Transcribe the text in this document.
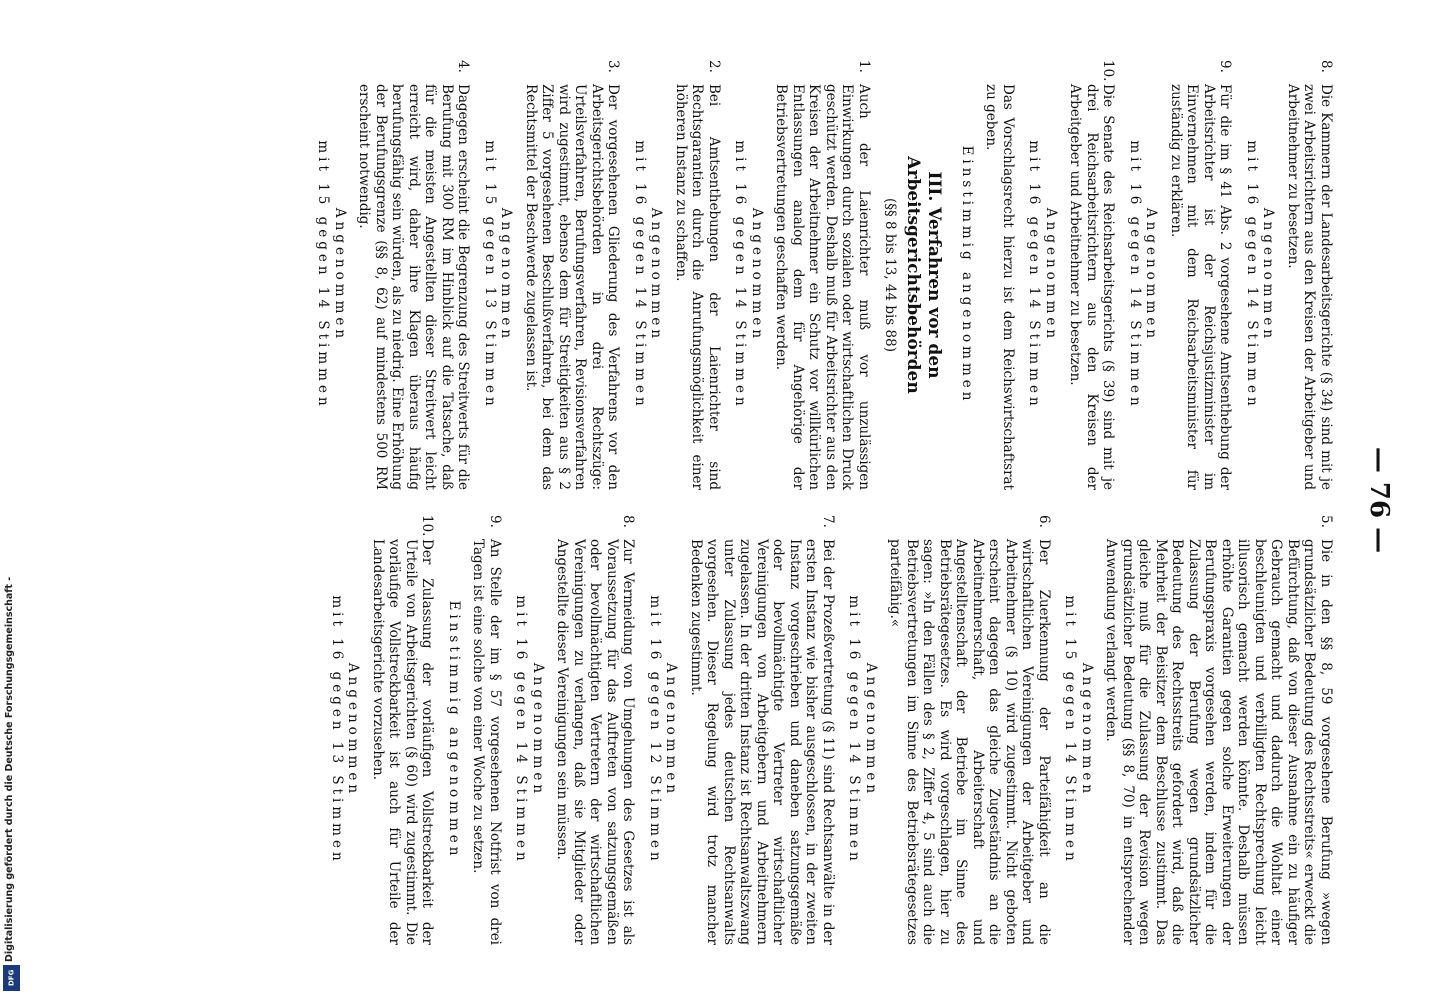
— 76 —
8.
Die Kammern der Landesarbeitsgerichte (§ 34) sind mit je zwei Arbeitsrichtern aus den Kreisen der Arbeitgeber und Arbeitnehmer zu besetzen.
Angenommen
mit 16 gegen 14 Stimmen
9.
Für die im § 41 Abs. 2 vorgesehene Amtsenthebung der Arbeitsrichter ist der Reichsjustizminister im Einvernehmen mit dem Reichsarbeitsminister für zuständig zu erklären.
Angenommen
mit 16 gegen 14 Stimmen
10.
Die Senate des Reichsarbeitsgerichts (§ 39) sind mit je drei Reichsarbeitsrichtern aus den Kreisen der Arbeitgeber und Arbeitnehmer zu besetzen.
Angenommen
mit 16 gegen 14 Stimmen
Das Vorschlagsrecht hierzu ist dem Reichswirtschaftsrat zu geben.
Einstimmig angenommen
III. Verfahren vor den Arbeitsgerichtsbehörden
(§§ 8 bis 13, 44 bis 88)
1.
Auch der Laienrichter muß vor unzulässigen Einwirkungen durch sozialen oder wirtschaftlichen Druck geschützt werden. Deshalb muß für Arbeitsrichter aus den Kreisen der Arbeitnehmer ein Schutz vor willkürlichen Entlassungen analog dem für Angehörige der Betriebsvertretungen geschaffen werden.
Angenommen
mit 16 gegen 14 Stimmen
2.
Bei Amtsenthebungen der Laienrichter sind Rechtsgarantien durch die Anrufungsmöglichkeit einer höheren Instanz zu schaffen.
Angenommen
mit 16 gegen 14 Stimmen
3.
Der vorgesehenen Gliederung des Verfahrens vor den Arbeitsgerichtsbehörden in drei Rechtszüge: Urteilsverfahren, Berufungsverfahren, Revisionsverfahren wird zugestimmt, ebenso dem für Streitigkeiten aus § 2 Ziffer 5 vorgesehenen Beschlußverfahren, bei dem das Rechtsmittel der Beschwerde zugelassen ist.
Angenommen
mit 15 gegen 13 Stimmen
4.
Dagegen erscheint die Begrenzung des Streitwerts für die Berufung mit 300 RM im Hinblick auf die Tatsache, daß für die meisten Angestellten dieser Streitwert leicht erreicht wird, daher ihre Klagen überaus häufig berufungsfähig sein würden, als zu niedrig. Eine Erhöhung der Berufungsgrenze (§§ 8, 62) auf mindestens 500 RM erscheint notwendig.
Angenommen
mit 15 gegen 14 Stimmen
5.
Die in den §§ 8, 59 vorgesehene Berufung »wegen grundsätzlicher Bedeutung des Rechtsstreits« erweckt die Befürchtung, daß von dieser Ausnahme ein zu häufiger Gebrauch gemacht und dadurch die Wohltat einer beschleunigten und verbilligten Rechtsprechung leicht illusorisch gemacht werden könnte. Deshalb müssen erhöhte Garantien gegen solche Erweiterungen der Berufungspraxis vorgesehen werden, indem für die Zulassung der Berufung wegen grundsätzlicher Bedeutung des Rechtsstreits gefordert wird, daß die Mehrheit der Beisitzer dem Beschlusse zustimmt. Das gleiche muß für die Zulassung der Revision wegen grundsätzlicher Bedeutung (§§ 8, 70) in entsprechender Anwendung verlangt werden.
Angenommen
mit 15 gegen 14 Stimmen
6.
Der Zuerkennung der Parteifähigkeit an die wirtschaftlichen Vereinigungen der Arbeitgeber und Arbeitnehmer (§ 10) wird zugestimmt. Nicht geboten erscheint dagegen das gleiche Zugeständnis an die Arbeitnehmerschaft, Arbeiterschaft und Angestelltenschaft der Betriebe im Sinne des Betriebsrätegesetzes. Es wird vorgeschlagen, hier zu sagen: »In den Fällen des § 2, Ziffer 4, 5 sind auch die Betriebsvertretungen im Sinne des Betriebsrätegesetzes parteifähig.«
Angenommen
mit 16 gegen 14 Stimmen
7.
Bei der Prozeßvertretung (§ 11) sind Rechtsanwälte in der ersten Instanz wie bisher ausgeschlossen, in der zweiten Instanz vorgeschrieben und daneben satzungsgemäße oder bevollmächtigte Vertreter wirtschaftlicher Vereinigungen von Arbeitgebern und Arbeitnehmern zugelassen. In der dritten Instanz ist Rechtsanwaltszwang unter Zulassung jedes deutschen Rechtsanwalts vorgesehen. Dieser Regelung wird trotz mancher Bedenken zugestimmt.
Angenommen
mit 16 gegen 12 Stimmen
8.
Zur Vermeidung von Umgehungen des Gesetzes ist als Voraussetzung für das Auftreten von satzungsgemäßen oder bevollmächtigten Vertretern der wirtschaftlichen Vereinigungen zu verlangen, daß sie Mitglieder oder Angestellte dieser Vereinigungen sein müssen.
Angenommen
mit 16 gegen 14 Stimmen
9.
An Stelle der im § 57 vorgesehenen Notfrist von drei Tagen ist eine solche von einer Woche zu setzen.
Einstimmig angenommen
10.
Der Zulassung der vorläufigen Vollstreckbarkeit der Urteile von Arbeitsgerichten (§ 60) wird zugestimmt. Die vorläufige Vollstreckbarkeit ist auch für Urteile der Landesarbeitsgerichte vorzusehen.
Angenommen
mit 16 gegen 13 Stimmen
Digitalisierung gefördert durch die Deutsche Forschungsgemeinschaft -
DFG
